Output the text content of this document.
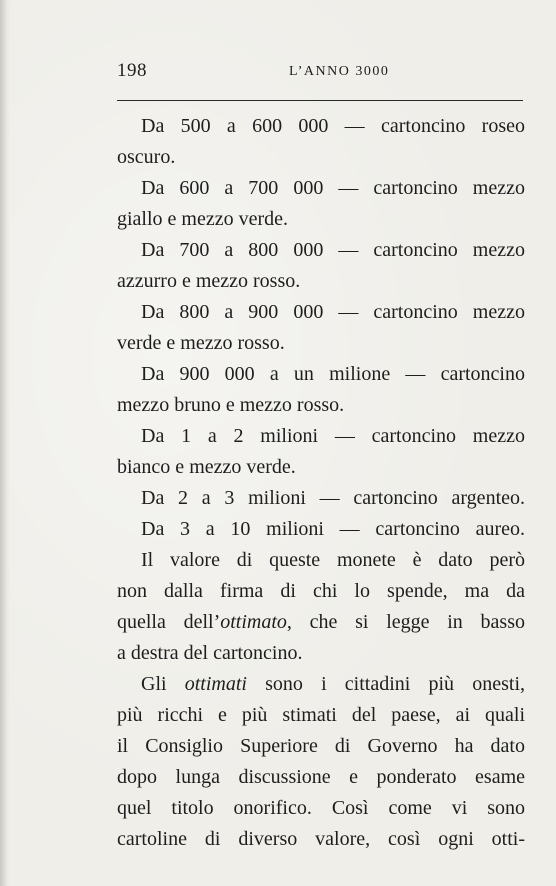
198	L’ANNO 3000
Da 500 a 600 000 — cartoncino roseo
oscuro.
Da 600 a 700 000 — cartoncino mezzo
giallo e mezzo verde.
Da 700 a 800 000 — cartoncino mezzo
azzurro e mezzo rosso.
Da 800 a 900 000 — cartoncino mezzo
verde e mezzo rosso.
Da 900 000 a un milione — cartoncino
mezzo bruno e mezzo rosso.
Da 1 a 2 milioni — cartoncino mezzo
bianco e mezzo verde.
Da 2 a 3 milioni — cartoncino argenteo.
Da 3 a 10 milioni — cartoncino aureo.
Il valore di queste monete è dato però
non dalla firma di chi lo spende, ma da
quella dell’ottimato, che si legge in basso
a destra del cartoncino.
Gli ottimati sono i cittadini più onesti,
più ricchi e più stimati del paese, ai quali
il Consiglio Superiore di Governo ha dato
dopo lunga discussione e ponderato esame
quel titolo onorifico. Così come vi sono
cartoline di diverso valore, così ogni otti-
